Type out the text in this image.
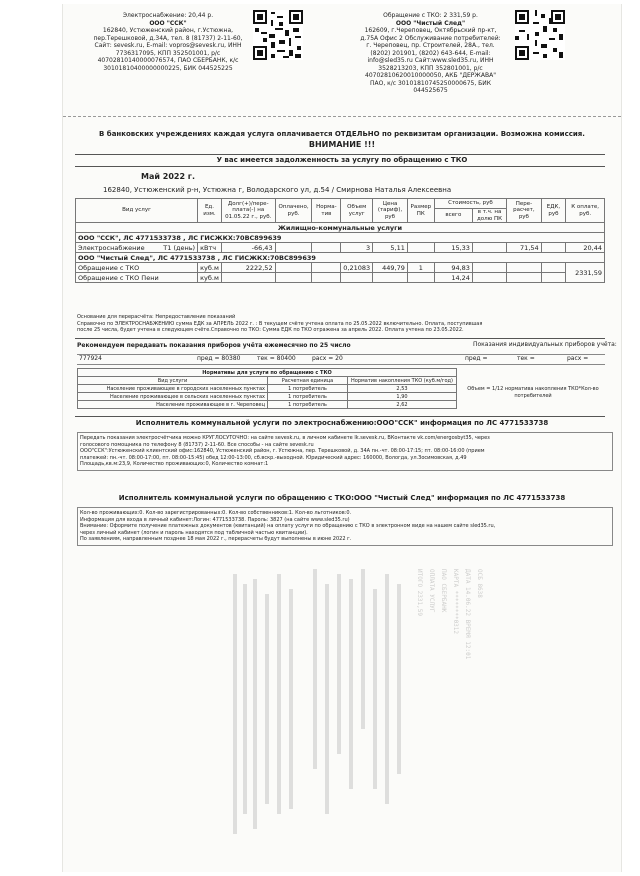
Электроснабжение: 20,44 р.
ООО "ССК"
162840, Устюженский район, г.Устюжна,
пер.Терешковой, д.34А, тел. 8 (81737) 2-11-60,
Сайт: sevesk.ru, E-mail: vopros@sevesk.ru, ИНН
7736317095, КПП 352501001, р/с
40702810140000076574, ПАО СБЕРБАНК, к/с
30101810400000000225, БИК 044525225
Обращение с ТКО: 2 331,59 р.
ООО "Чистый След"
162609, г.Череповец, Октябрьский пр-кт,
д.75А Офис 2 Обслуживание потребителей:
г. Череповец, пр. Строителей, 28А., тел.
(8202) 201901, (8202) 643-644, E-mail:
info@sled35.ru Сайт:www.sled35.ru, ИНН
3528213203, КПП 352801001, р/с
40702810620010000050, АКБ "ДЕРЖАВА"
ПАО, к/с 30101810745250000675, БИК
044525675
В банковских учреждениях каждая услуга оплачивается ОТДЕЛЬНО по реквизитам организации. Возможна комиссия.
ВНИМАНИЕ !!!
У вас имеется задолженность за услугу по обращению с ТКО
Май 2022 г.
162840, Устюженский р-н, Устюжна г, Володарского ул, д.54 / Смирнова Наталья Алексеевна
Вид услуг	Ед. изм.	Долг(+)/пере-плата(-) на 01.05.22 г., руб.	Оплачено, руб.	Норма-тив	Объем услуг	Цена (тариф), руб	Размер ПК	Стоимость, руб		Пере-расчет, руб	ЕДК, руб	К оплате, руб.
								всего	в т.ч. на долю ПК			
Жилищно-коммунальные услуги												
ООО "ССК", ЛС 4771533738 , ЛС ГИСЖКХ:70BC899639												
Электроснабжение T1 (день)	кВтч	-66,43			3	5,11		15,33		71,54		20,44
ООО "Чистый След", ЛС 4771533738 , ЛС ГИСЖКХ:70BC899639												
Обращение с ТКО	куб.м	2222,52			0,21083	449,79	1	94,83				2331,59
Обращение с ТКО Пени	куб.м							14,24				
Основание для перерасчёта: Непредоставление показаний
Справочно по ЭЛЕКТРОСНАБЖЕНИЮ сумма ЕДК за АПРЕЛЬ 2022 г. : В текущем счёте учтена оплата по 25.05.2022 включительно. Оплата, поступившая
после 25 числа, будет учтена в следующем счёте.Справочно по ТКО: Сумма ЕДК по ТКО отражена за апрель 2022. Оплата учтена по 23.05.2022.
Рекомендуем передавать показания приборов учёта ежемесячно по 25 число	Показания индивидуальных приборов учёта:
777924	пред = 80380	тек = 80400	расх = 20	пред =	тек =	расх =
Нормативы для услуги по обращению с ТКО		
Вид услуги	Расчетная единица	Норматив накопления ТКО (куб.м/год)
Население проживающее в городских населенных пунктах	1 потребитель	2,53
Население проживающее в сельских населенных пунктах	1 потребитель	1,90
Население проживающее в г. Череповец	1 потребитель	2,62
Объем = 1/12 норматива накопления ТКО*Кол-во потребителей
Исполнитель коммунальной услуги по электроснабжению:ООО"ССК" информация по ЛС 4771533738
Передать показания электросчётчика можно КРУГЛОСУТОЧНО: на сайте sevesk.ru, в личном кабинете lk.sevesk.ru, ВКонтакте vk.com/energosbyt35, через
голосового помощника по телефону 8 (81737) 2-11-60. Все способы - на сайте sevesk.ru
ООО"ССК":Устюженский клиентский офис:162840, Устюженский район, г. Устюжна, пер. Терешковой, д. 34А пн.-чт. 08:00-17:15; пт. 08:00-16:00 (прием
платежей: пн.-чт. 08:00-17:00, пт. 08:00-15:45) обед 12:00-13:00, сб.вскр.-выходной. Юридический адрес: 160000, Вологда, ул.Зосимовская, д.49
Площадь,кв.м:23,9, Количество проживающих:0, Количество комнат:1
Исполнитель коммунальной услуги по обращению с ТКО:ООО "Чистый След" информация по ЛС 4771533738
Кол-во проживающих:0. Кол-во зарегистрированных:0. Кол-во собственников:1. Кол-во льготников:0.
Информация для входа в личный кабинет:Логин: 4771533738. Пароль: 3827 (на сайте www.sled35.ru)
Внимание: Оформите получение платежных документов (квитанций) на оплату услуги по обращению с ТКО в электронном виде на нашем сайте sled35.ru,
через личный кабинет (логин и пароль находятся под табличной частью квитанции).
По заявлениям, направленным позднее 18 мая 2022 г., перерасчеты будут выполнены в июне 2022 г.
ОСБ 8638
ДАТА 14.06.22 ВРЕМЯ 12:01
КАРТА ********0312
ПАО СБЕРБАНК
ОПЛАТА УСЛУГ
ИТОГО 2331,59
